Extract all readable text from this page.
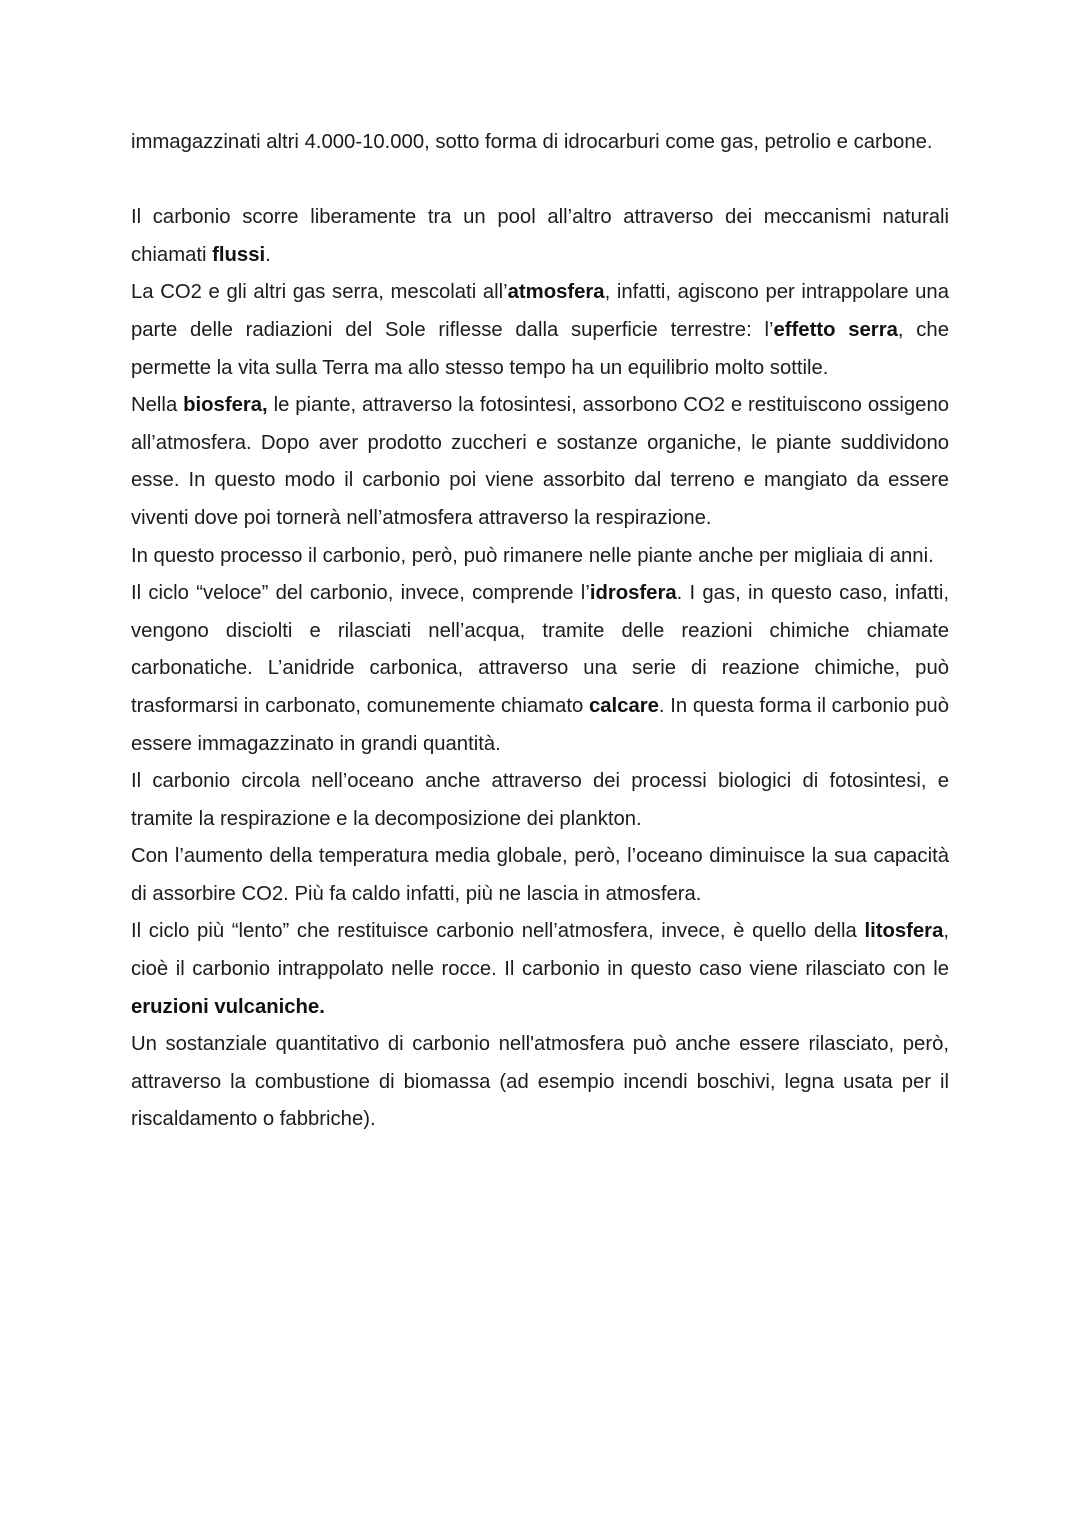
immagazzinati altri 4.000-10.000, sotto forma di idrocarburi come gas, petrolio e carbone.

Il carbonio scorre liberamente tra un pool all’altro attraverso dei meccanismi naturali chiamati flussi.

La CO2 e gli altri gas serra, mescolati all’atmosfera, infatti, agiscono per intrappolare una parte delle radiazioni del Sole riflesse dalla superficie terrestre: l’effetto serra, che permette la vita sulla Terra ma allo stesso tempo ha un equilibrio molto sottile.

Nella biosfera, le piante, attraverso la fotosintesi, assorbono CO2 e restituiscono ossigeno all’atmosfera. Dopo aver prodotto zuccheri e sostanze organiche, le piante suddividono esse. In questo modo il carbonio poi viene assorbito dal terreno e mangiato da essere viventi dove poi tornerà nell’atmosfera attraverso la respirazione.

In questo processo il carbonio, però, può rimanere nelle piante anche per migliaia di anni.

Il ciclo “veloce” del carbonio, invece, comprende l’idrosfera. I gas, in questo caso, infatti, vengono disciolti e rilasciati nell’acqua, tramite delle reazioni chimiche chiamate carbonatiche. L’anidride carbonica, attraverso una serie di reazione chimiche, può trasformarsi in carbonato, comunemente chiamato calcare. In questa forma il carbonio può essere immagazzinato in grandi quantità.

Il carbonio circola nell’oceano anche attraverso dei processi biologici di fotosintesi, e tramite la respirazione e la decomposizione dei plankton.

Con l’aumento della temperatura media globale, però, l’oceano diminuisce la sua capacità di assorbire CO2. Più fa caldo infatti, più ne lascia in atmosfera.

Il ciclo più “lento” che restituisce carbonio nell’atmosfera, invece, è quello della litosfera, cioè il carbonio intrappolato nelle rocce. Il carbonio in questo caso viene rilasciato con le eruzioni vulcaniche.

Un sostanziale quantitativo di carbonio nell'atmosfera può anche essere rilasciato, però, attraverso la combustione di biomassa (ad esempio incendi boschivi, legna usata per il riscaldamento o fabbriche).
